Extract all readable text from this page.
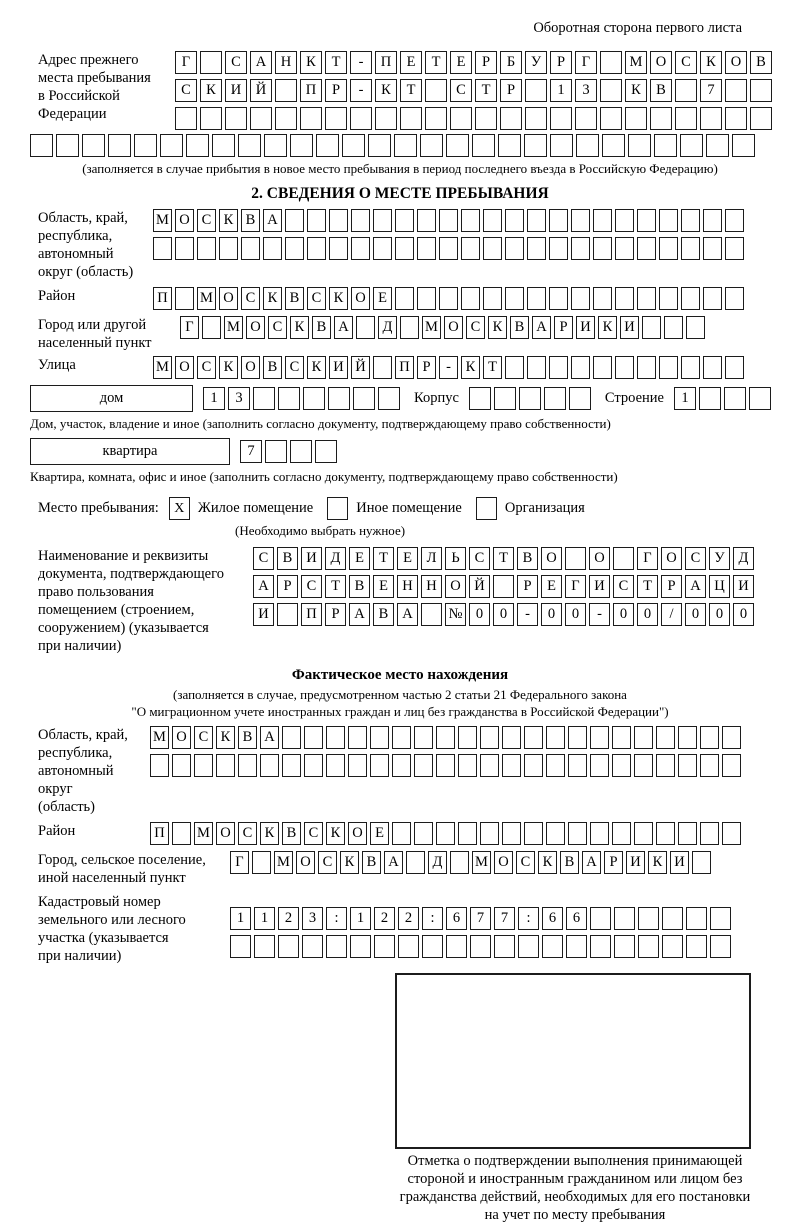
Оборотная сторона первого листа
Адрес прежнего
места пребывания
в Российской
Федерации
Г	С	А	Н	К	Т	-	П	Е	Т	Е	Р	Б	У	Р	Г	М О	С	К	О	В
С	К	И	Й	П	Р	-	К	Т	С	Т	Р	1	3	К	В	7
(заполняется в случае прибытия в новое место пребывания в период последнего въезда в Российскую Федерацию)
2. СВЕДЕНИЯ О МЕСТЕ ПРЕБЫВАНИЯ
Область, край,
республика,
автономный
округ (область)
М О С К В А
Район	П М О С К В С К О Е
Город или другой
населенный пункт
Г	М О С К В А	Д	М О С К В А Р И К И
Улица	М О С К О В С К И Й П Р	-	К Т
дом	1	3	Корпус	Строение	1
Дом, участок, владение и иное (заполнить согласно документу, подтверждающему право собственности)
квартира	7
Квартира, комната, офис и иное (заполнить согласно документу, подтверждающему право собственности)
Место пребывания:	X Жилое помещение	Иное помещение	Организация
(Необходимо выбрать нужное)
Наименование и реквизиты
документа, подтверждающего
право пользования
помещением (строением,
сооружением) (указывается
при наличии)
С В И Д	Е	Т	Е	Л	Ь	С	Т	В О	О	Г	О С У Д
А	Р	С	Т	В	Е Н Н О Й	Р	Е	Г	И С	Т	Р	А Ц И
И	П	Р	А В А	№ 0	0	-	0	0	-	0	0	/	0	0	0
Фактическое место нахождения
(заполняется в случае, предусмотренном частью 2 статьи 21 Федерального закона
"О миграционном учете иностранных граждан и лиц без гражданства в Российской Федерации")
Область, край,
республика,
автономный округ
(область)
М О С К В А
Район	П М О С К В С К О Е
Город, сельское поселение,
иной населенный пункт
Г	М О С К В А	Д	М О С К В А Р И К И
Кадастровый номер
земельного или лесного
участка (указывается
при наличии)
1	1	2	3	:	1	2	2	:	6	7	7	:	6	6
Отметка о подтверждении выполнения принимающей
стороной и иностранным гражданином или лицом без
гражданства действий, необходимых для его постановки
на учет по месту пребывания
